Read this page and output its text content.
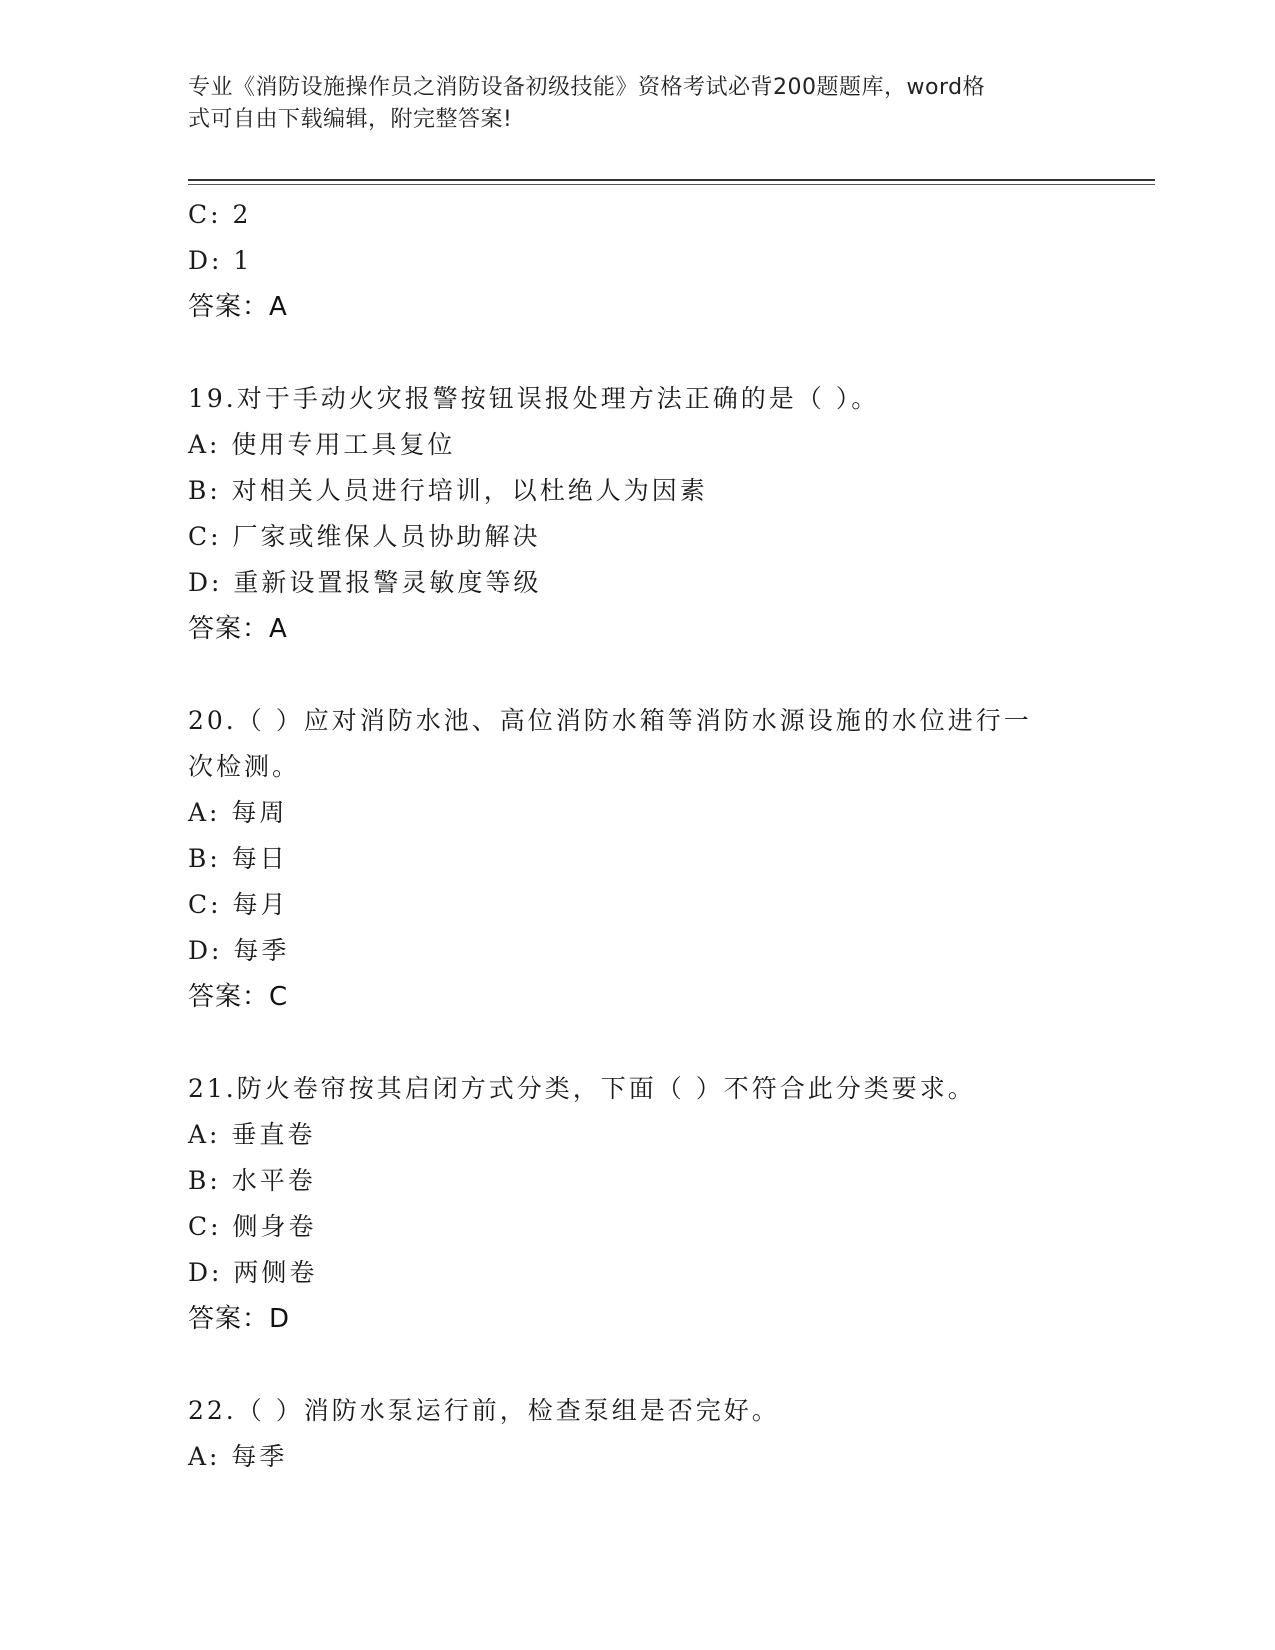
专业《消防设施操作员之消防设备初级技能》资格考试必背200题题库，word格
式可自由下载编辑，附完整答案!
C: 2
D: 1
答案：A
19.对于手动火灾报警按钮误报处理方法正确的是（ ）。
A: 使用专用工具复位
B: 对相关人员进行培训，以杜绝人为因素
C: 厂家或维保人员协助解决
D: 重新设置报警灵敏度等级
答案：A
20.（ ）应对消防水池、高位消防水箱等消防水源设施的水位进行一
次检测。
A: 每周
B: 每日
C: 每月
D: 每季
答案：C
21.防火卷帘按其启闭方式分类，下面（ ）不符合此分类要求。
A: 垂直卷
B: 水平卷
C: 侧身卷
D: 两侧卷
答案：D
22.（ ）消防水泵运行前，检查泵组是否完好。
A: 每季
